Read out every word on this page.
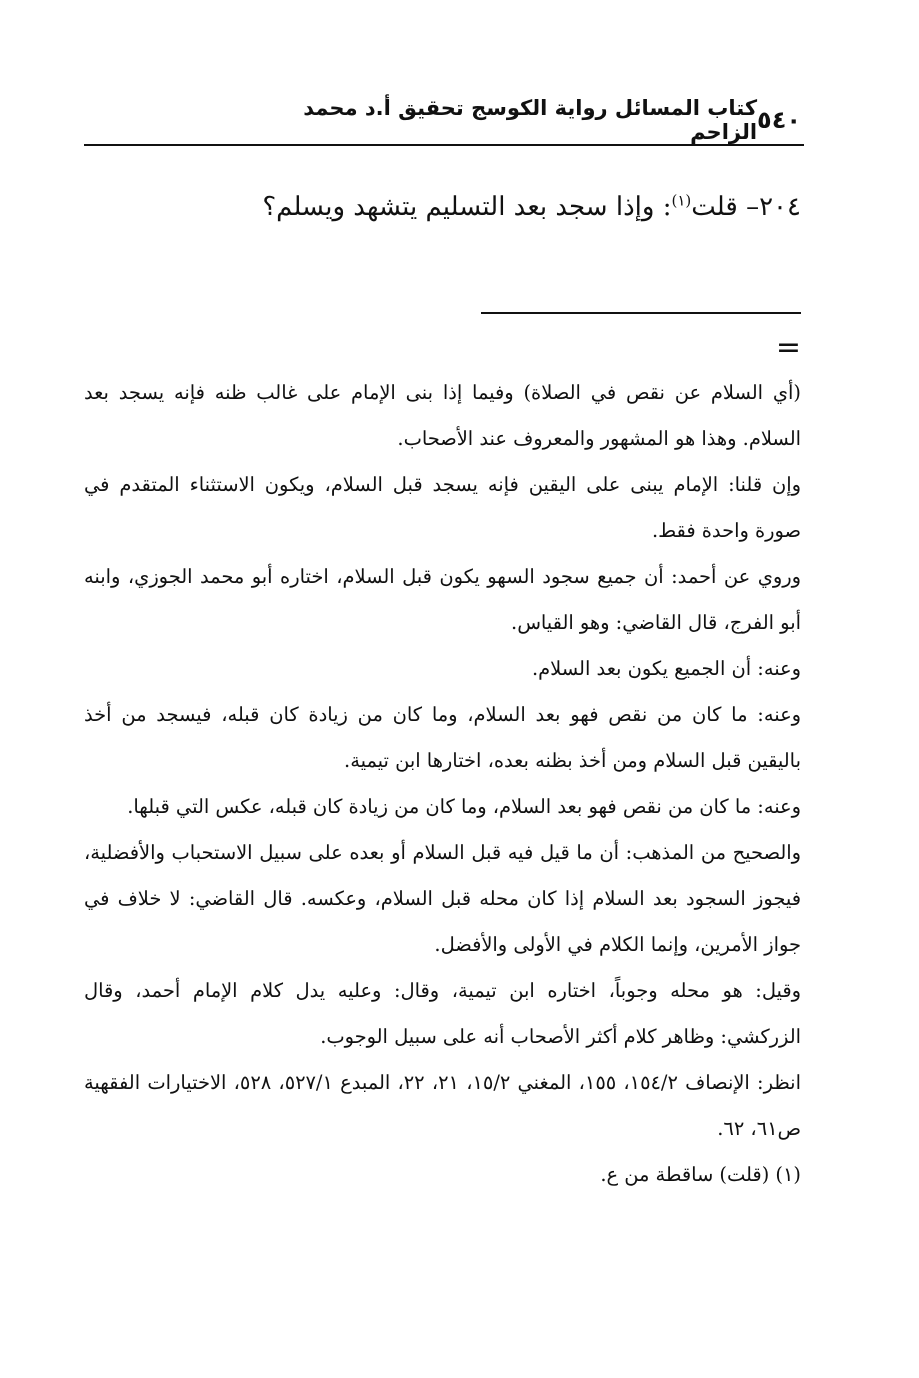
٥٤٠
كتاب المسائل رواية الكوسج تحقيق أ.د محمد الزاحم
٢٠٤– قلت$^{(١)}$: وإذا سجد بعد التسليم يتشهد ويسلم؟
=

(أي السلام عن نقص في الصلاة) وفيما إذا بنى الإمام على غالب ظنه فإنه يسجد بعد السلام. وهذا هو المشهور والمعروف عند الأصحاب.

وإن قلنا: الإمام يبنى على اليقين فإنه يسجد قبل السلام، ويكون الاستثناء المتقدم في صورة واحدة فقط.

وروي عن أحمد: أن جميع سجود السهو يكون قبل السلام، اختاره أبو محمد الجوزي، وابنه أبو الفرج، قال القاضي: وهو القياس.

وعنه: أن الجميع يكون بعد السلام.

وعنه: ما كان من نقص فهو بعد السلام، وما كان من زيادة كان قبله، فيسجد من أخذ باليقين قبل السلام ومن أخذ بظنه بعده، اختارها ابن تيمية.

وعنه: ما كان من نقص فهو بعد السلام، وما كان من زيادة كان قبله، عكس التي قبلها.

والصحيح من المذهب: أن ما قيل فيه قبل السلام أو بعده على سبيل الاستحباب والأفضلية، فيجوز السجود بعد السلام إذا كان محله قبل السلام، وعكسه. قال القاضي: لا خلاف في جواز الأمرين، وإنما الكلام في الأولى والأفضل.

وقيل: هو محله وجوباً، اختاره ابن تيمية، وقال: وعليه يدل كلام الإمام أحمد، وقال الزركشي: وظاهر كلام أكثر الأصحاب أنه على سبيل الوجوب.

انظر: الإنصاف ١٥٤/٢، ١٥٥، المغني ١٥/٢، ٢١، ٢٢، المبدع ٥٢٧/١، ٥٢٨، الاختيارات الفقهية ص٦١، ٦٢.

(١) (قلت) ساقطة من ع.
